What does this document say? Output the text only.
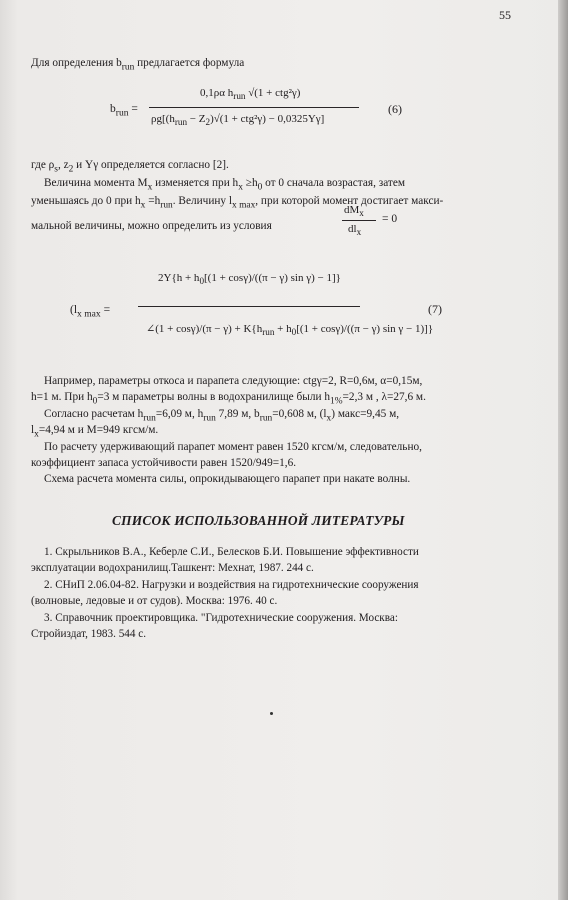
55
Для определения $b_{run}$ предлагается формула
$b_{run}$ =
0,1ρα $h_{run}$ √(1 + ctg²γ)
$\rho g[(h_{run} - Z_2)√(1 + ctg^2\gamma) - 0,0325Y\gamma]$
(6)
где $\rho_s$, $z_2$ и Yγ определяется согласно [2].
Величина момента $M_x$ изменяется при $h_x \ge h_0$ от 0 сначала возрастая, затем
уменьшаясь до 0 при $h_x =h_{run}$. Величину $l_{x max}$, при которой момент достигает макси-
мальной величины, можно определить из условия
$dM_x$
$dl_x$
= 0
($l_{x max}$ =
$2Y\{h + h_0[(1 + \cos\gamma)/((\pi - \gamma)$ sin γ) − 1]}
∠(1 + $\cos\gamma)/(\pi - \gamma) + K\{h_{run} + h_0[(1 + \cos\gamma)/((\pi - \gamma)$ sin γ − 1)]}
(7)
Например, параметры откоса и парапета следующие: ctgγ=2, R=0,6м, α=0,15м,
h=1 м. При $h_0=3$ м параметры волны в водохранилище были $h_{1\%}=2,3$ м , λ=27,6 м.
Согласно расчетам $h_{run}=6,09$ м, $h_{run}$ 7,89 м, $b_{run}=0,608$ м, $(l_x)$ макс=9,45 м,
$l_x=4,94$ м и M=949 кгсм/м.
По расчету удерживающий парапет момент равен 1520 кгсм/м, следовательно,
коэффициент запаса устойчивости равен 1520/949=1,6.
Схема расчета момента силы, опрокидывающего парапет при накате волны.
СПИСОК ИСПОЛЬЗОВАННОЙ ЛИТЕРАТУРЫ
1. Скрыльников В.А., Кеберле С.И., Белесков Б.И. Повышение эффективности
эксплуатации водохранилищ.Ташкент: Мехнат, 1987. 244 с.
2. СНиП 2.06.04-82. Нагрузки и воздействия на гидротехнические сооружения
(волновые, ледовые и от судов). Москва: 1976. 40 с.
3. Справочник проектировщика. "Гидротехнические сооружения. Москва:
Стройиздат, 1983. 544 с.
